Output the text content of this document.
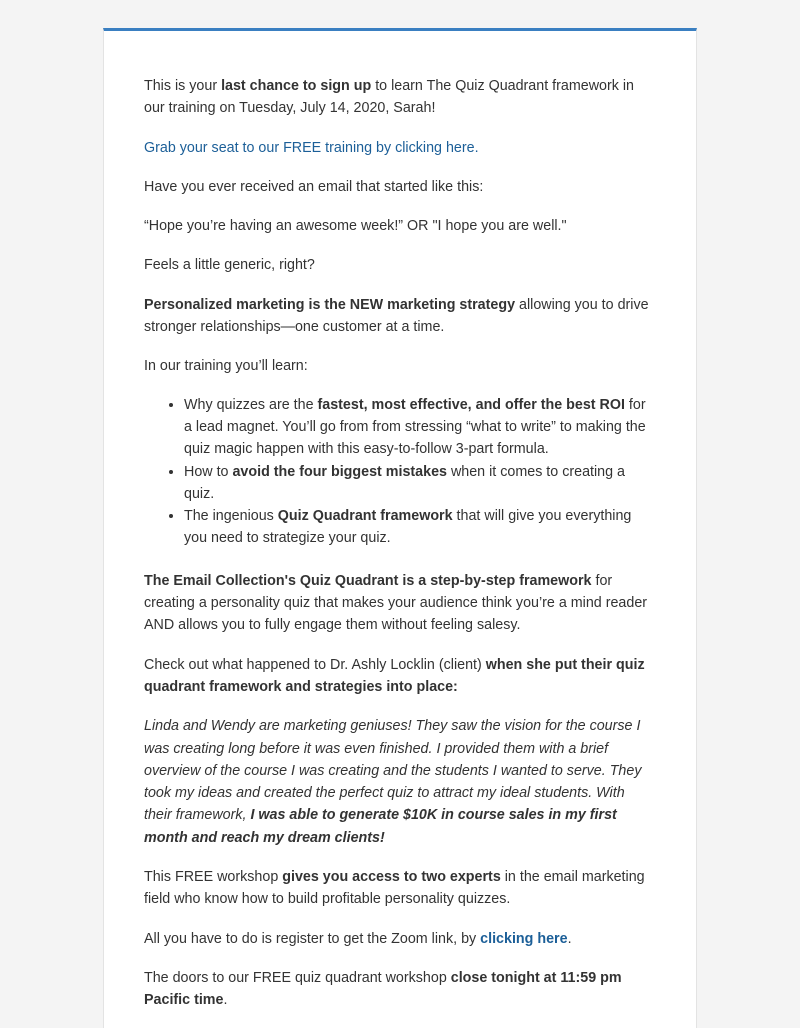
This is your last chance to sign up to learn The Quiz Quadrant framework in our training on Tuesday, July 14, 2020, Sarah!

Grab your seat to our FREE training by clicking here.

Have you ever received an email that started like this:

“Hope you’re having an awesome week!” OR "I hope you are well."

Feels a little generic, right?

Personalized marketing is the NEW marketing strategy allowing you to drive stronger relationships—one customer at a time.

In our training you’ll learn:

• Why quizzes are the fastest, most effective, and offer the best ROI for a lead magnet. You’ll go from from stressing “what to write” to making the quiz magic happen with this easy-to-follow 3-part formula.
• How to avoid the four biggest mistakes when it comes to creating a quiz.
• The ingenious Quiz Quadrant framework that will give you everything you need to strategize your quiz.

The Email Collection's Quiz Quadrant is a step-by-step framework for creating a personality quiz that makes your audience think you’re a mind reader AND allows you to fully engage them without feeling salesy.

Check out what happened to Dr. Ashly Locklin (client) when she put their quiz quadrant framework and strategies into place:

Linda and Wendy are marketing geniuses! They saw the vision for the course I was creating long before it was even finished. I provided them with a brief overview of the course I was creating and the students I wanted to serve. They took my ideas and created the perfect quiz to attract my ideal students. With their framework, I was able to generate $10K in course sales in my first month and reach my dream clients!

This FREE workshop gives you access to two experts in the email marketing field who know how to build profitable personality quizzes.

All you have to do is register to get the Zoom link, by clicking here.

The doors to our FREE quiz quadrant workshop close tonight at 11:59 pm Pacific time.
